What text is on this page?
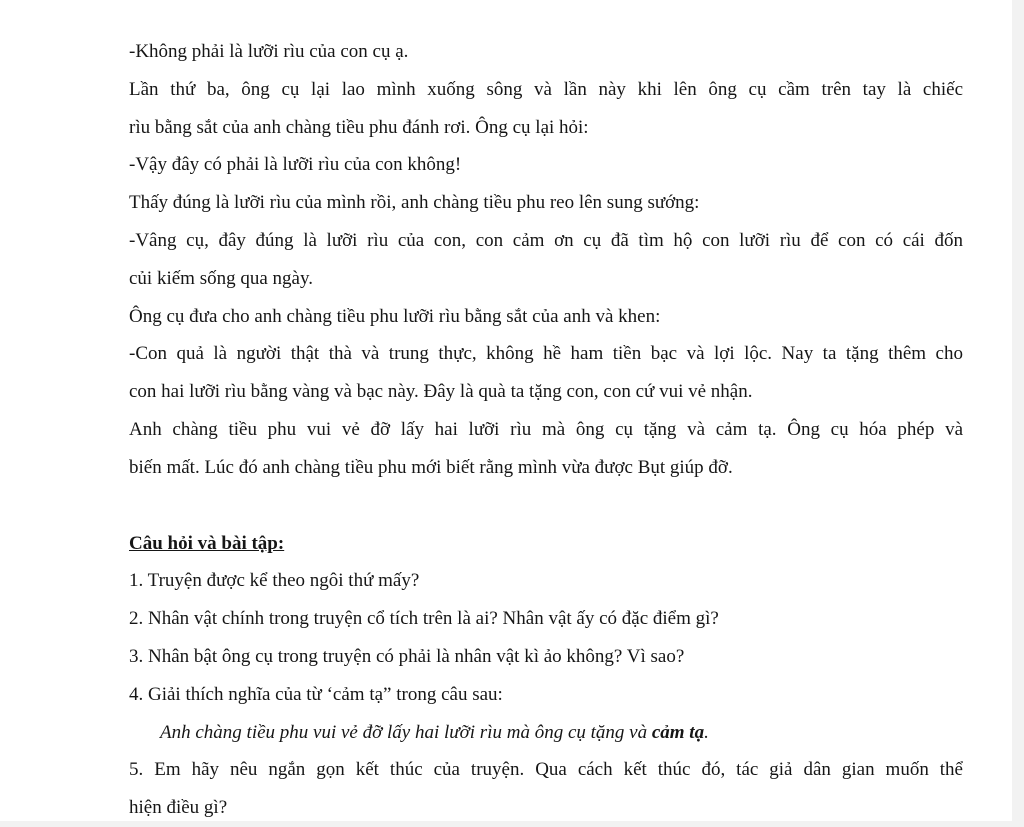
-Không phải là lưỡi rìu của con cụ ạ.

Lần thứ ba, ông cụ lại lao mình xuống sông và lần này khi lên ông cụ cầm trên tay là chiếc

rìu bằng sắt của anh chàng tiều phu đánh rơi. Ông cụ lại hỏi:

-Vậy đây có phải là lưỡi rìu của con không!

Thấy đúng là lưỡi rìu của mình rồi, anh chàng tiều phu reo lên sung sướng:

-Vâng cụ, đây đúng là lưỡi rìu của con, con cảm ơn cụ đã tìm hộ con lưỡi rìu để con có cái đốn

củi kiếm sống qua ngày.

Ông cụ đưa cho anh chàng tiều phu lưỡi rìu bằng sắt của anh và khen:

-Con quả là người thật thà và trung thực, không hề ham tiền bạc và lợi lộc. Nay ta tặng thêm cho

con hai lưỡi rìu bằng vàng và bạc này. Đây là quà ta tặng con, con cứ vui vẻ nhận.

Anh chàng tiều phu vui vẻ đỡ lấy hai lưỡi rìu mà ông cụ tặng và cảm tạ. Ông cụ hóa phép và

biến mất. Lúc đó anh chàng tiều phu mới biết rằng mình vừa được Bụt giúp đỡ.

Câu hỏi và bài tập:

1. Truyện được kể theo ngôi thứ mấy?

2. Nhân vật chính trong truyện cổ tích trên là ai? Nhân vật ấy có đặc điểm gì?

3. Nhân bật ông cụ trong truyện có phải là nhân vật kì ảo không? Vì sao?

4. Giải thích nghĩa của từ ‘cảm tạ” trong câu sau:

Anh chàng tiều phu vui vẻ đỡ lấy hai lưỡi rìu mà ông cụ tặng và cảm tạ.

5. Em hãy nêu ngắn gọn kết thúc của truyện. Qua cách kết thúc đó, tác giả dân gian muốn thể

hiện điều gì?
